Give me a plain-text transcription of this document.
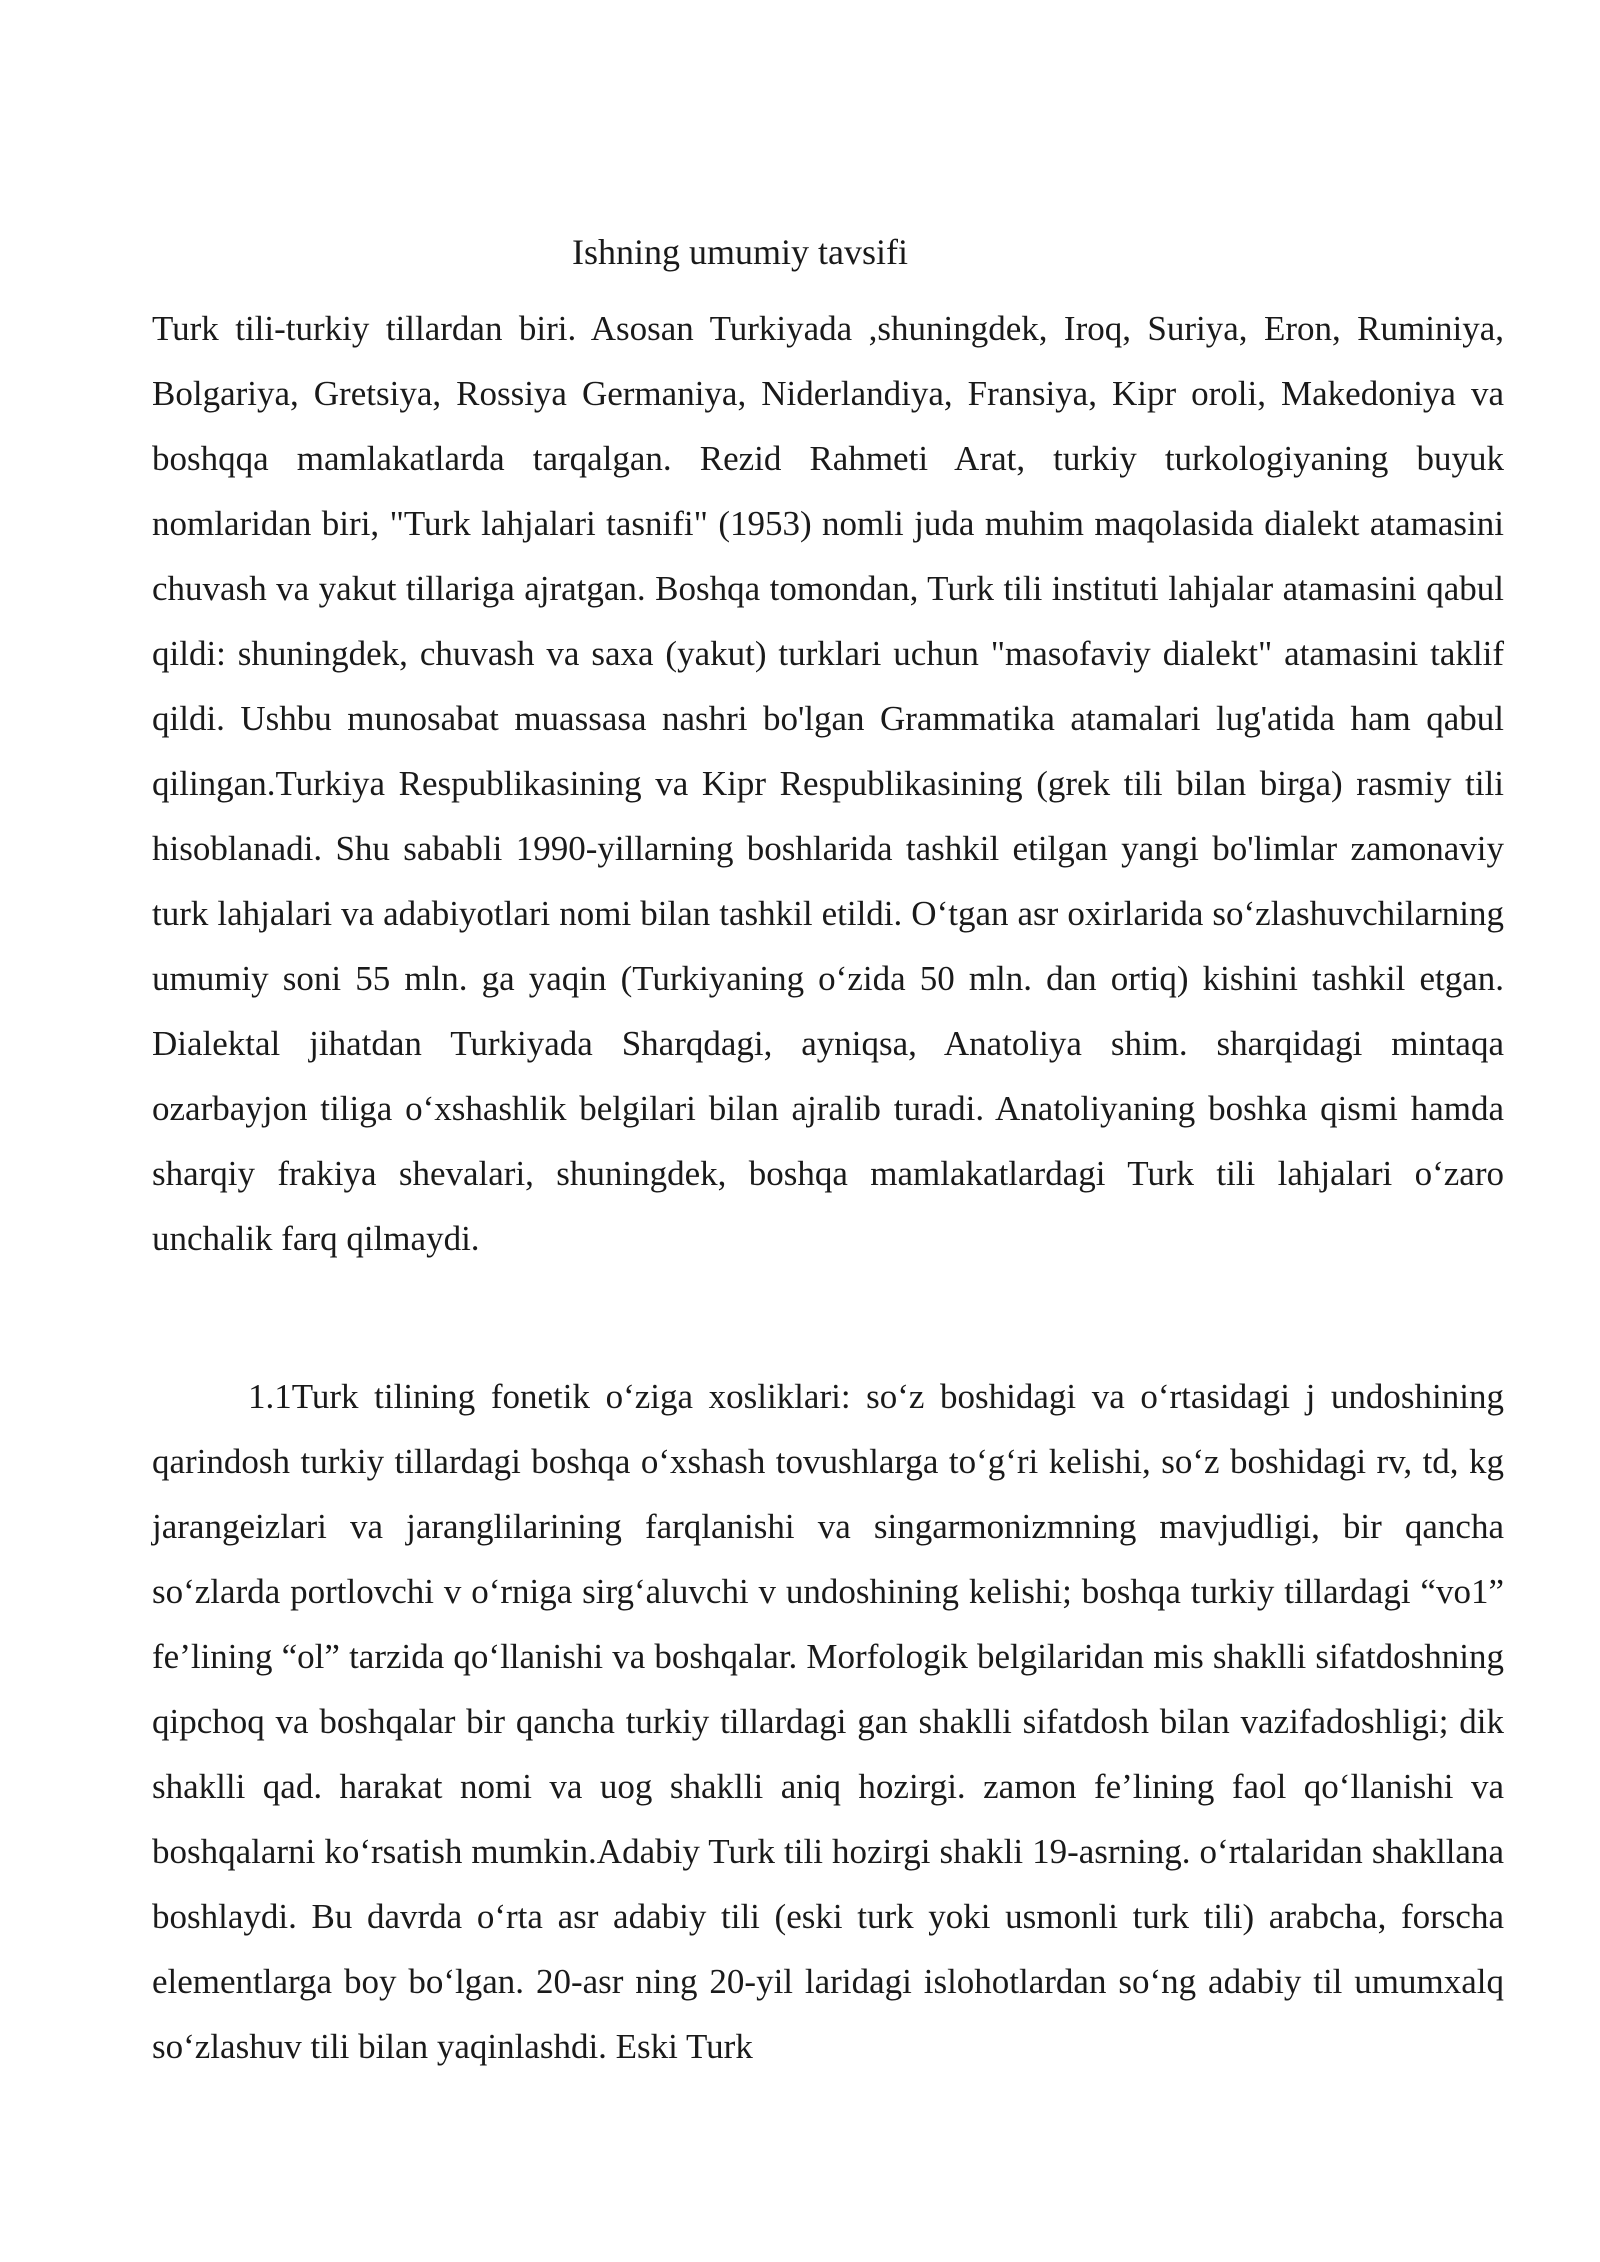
Ishning umumiy tavsifi

Turk tili-turkiy tillardan biri. Asosan Turkiyada ,shuningdek, Iroq, Suriya, Eron, Ruminiya, Bolgariya, Gretsiya, Rossiya Germaniya, Niderlandiya, Fransiya, Kipr oroli, Makedoniya va boshqqa mamlakatlarda tarqalgan. Rezid Rahmeti Arat, turkiy turkologiyaning buyuk nomlaridan biri, "Turk lahjalari tasnifi" (1953) nomli juda muhim maqolasida dialekt atamasini chuvash va yakut tillariga ajratgan. Boshqa tomondan, Turk tili instituti lahjalar atamasini qabul qildi: shuningdek, chuvash va saxa (yakut) turklari uchun "masofaviy dialekt" atamasini taklif qildi. Ushbu munosabat muassasa nashri bo'lgan Grammatika atamalari lug'atida ham qabul qilingan.Turkiya Respublikasining va Kipr Respublikasining (grek tili bilan birga) rasmiy tili hisoblanadi. Shu sababli 1990-yillarning boshlarida tashkil etilgan yangi bo'limlar zamonaviy turk lahjalari va adabiyotlari nomi bilan tashkil etildi. O‘tgan asr oxirlarida so‘zlashuvchilarning umumiy soni 55 mln. ga yaqin (Turkiyaning o‘zida 50 mln. dan ortiq) kishini tashkil etgan. Dialektal jihatdan Turkiyada Sharqdagi, ayniqsa, Anatoliya shim. sharqidagi mintaqa ozarbayjon tiliga o‘xshashlik belgilari bilan ajralib turadi. Anatoliyaning boshka qismi hamda sharqiy frakiya shevalari, shuningdek, boshqa mamlakatlardagi Turk tili lahjalari o‘zaro unchalik farq qilmaydi.

1.1Turk tilining fonetik o‘ziga xosliklari: so‘z boshidagi va o‘rtasidagi j undoshining qarindosh turkiy tillardagi boshqa o‘xshash tovushlarga to‘g‘ri kelishi, so‘z boshidagi rv, td, kg jarangeizlari va jaranglilarining farqlanishi va singarmonizmning mavjudligi, bir qancha so‘zlarda portlovchi v o‘rniga sirg‘aluvchi v undoshining kelishi; boshqa turkiy tillardagi “vo1” fe’lining “ol” tarzida qo‘llanishi va boshqalar. Morfologik belgilaridan mis shaklli sifatdoshning qipchoq va boshqalar bir qancha turkiy tillardagi gan shaklli sifatdosh bilan vazifadoshligi; dik shaklli qad. harakat nomi va uog shaklli aniq hozirgi. zamon fe’lining faol qo‘llanishi va boshqalarni ko‘rsatish mumkin.Adabiy Turk tili hozirgi shakli 19-asrning. o‘rtalaridan shakllana boshlaydi. Bu davrda o‘rta asr adabiy tili (eski turk yoki usmonli turk tili) arabcha, forscha elementlarga boy bo‘lgan. 20-asr ning 20-yil laridagi islohotlardan so‘ng adabiy til umumxalq so‘zlashuv tili bilan yaqinlashdi. Eski Turk
